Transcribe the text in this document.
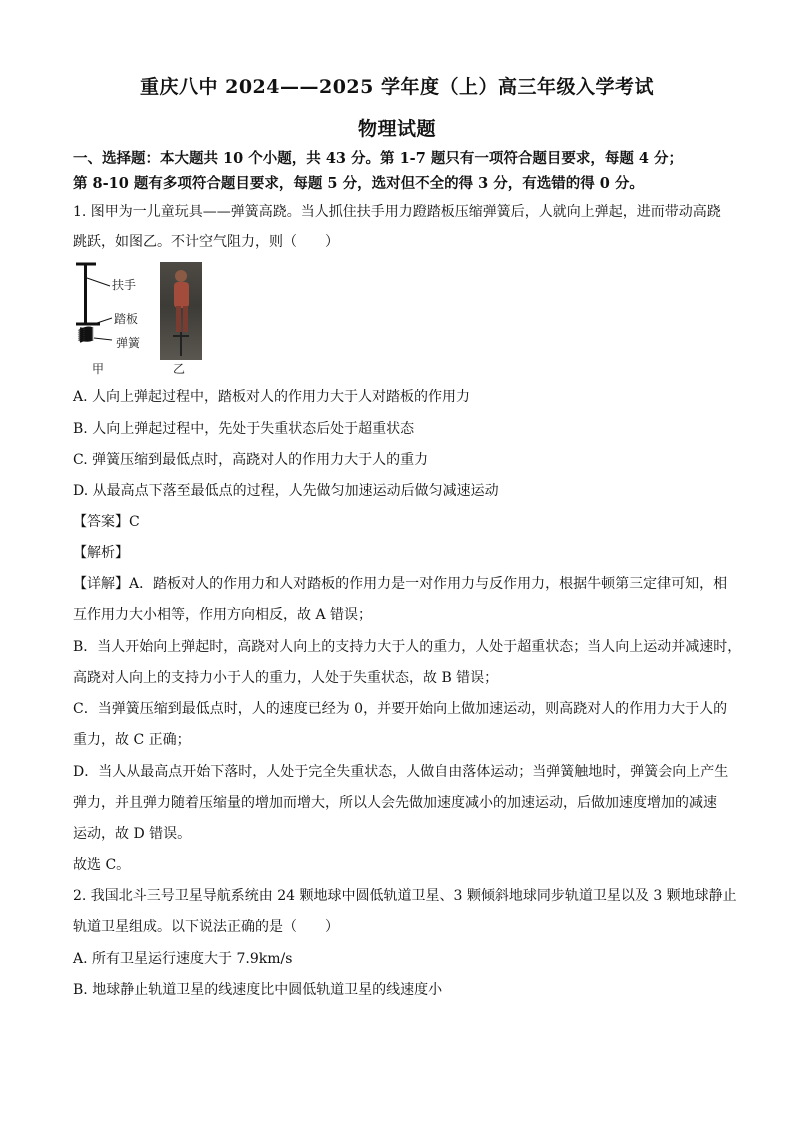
重庆八中 2024——2025 学年度（上）高三年级入学考试
物理试题
一、选择题：本大题共 10 个小题，共 43 分。第 1-7 题只有一项符合题目要求，每题 4 分；
第 8-10 题有多项符合题目要求，每题 5 分，选对但不全的得 3 分，有选错的得 0 分。
1. 图甲为一儿童玩具——弹簧高跷。当人抓住扶手用力蹬踏板压缩弹簧后，人就向上弹起，进而带动高跷
跳跃，如图乙。不计空气阻力，则（　　）
扶手
踏板
弹簧
甲	乙
A. 人向上弹起过程中，踏板对人的作用力大于人对踏板的作用力
B. 人向上弹起过程中，先处于失重状态后处于超重状态
C. 弹簧压缩到最低点时，高跷对人的作用力大于人的重力
D. 从最高点下落至最低点的过程，人先做匀加速运动后做匀减速运动
【答案】C
【解析】
【详解】A．踏板对人的作用力和人对踏板的作用力是一对作用力与反作用力，根据牛顿第三定律可知，相
互作用力大小相等，作用方向相反，故 A 错误；
B．当人开始向上弹起时，高跷对人向上的支持力大于人的重力，人处于超重状态；当人向上运动并减速时，
高跷对人向上的支持力小于人的重力，人处于失重状态，故 B 错误；
C．当弹簧压缩到最低点时，人的速度已经为 0，并要开始向上做加速运动，则高跷对人的作用力大于人的
重力，故 C 正确；
D．当人从最高点开始下落时，人处于完全失重状态，人做自由落体运动；当弹簧触地时，弹簧会向上产生
弹力，并且弹力随着压缩量的增加而增大，所以人会先做加速度减小的加速运动，后做加速度增加的减速
运动，故 D 错误。
故选 C。
2. 我国北斗三号卫星导航系统由 24 颗地球中圆低轨道卫星、3 颗倾斜地球同步轨道卫星以及 3 颗地球静止
轨道卫星组成。以下说法正确的是（　　）
A. 所有卫星运行速度大于 7.9km/s
B. 地球静止轨道卫星的线速度比中圆低轨道卫星的线速度小
